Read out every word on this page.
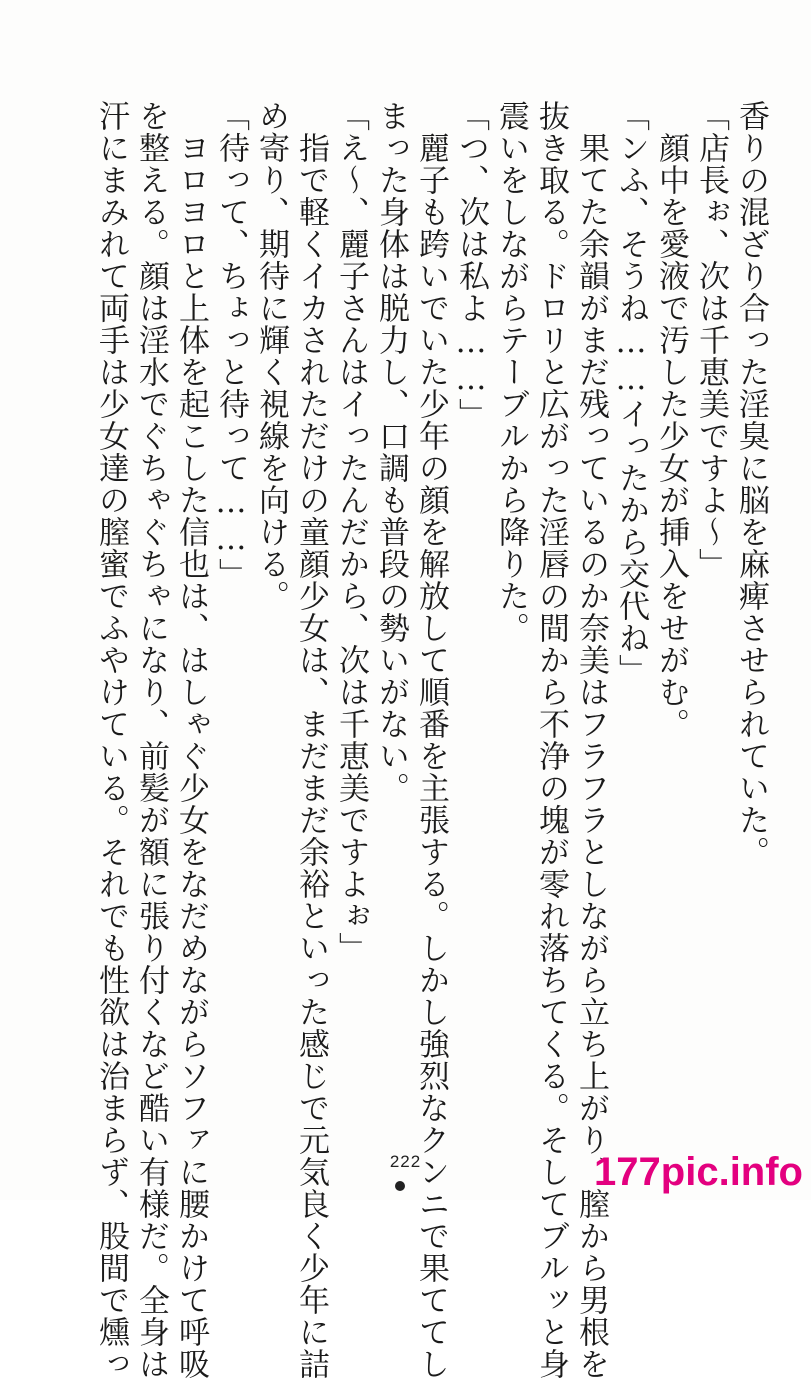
香りの混ざり合った淫臭に脳を麻痺させられていた。
「店長ぉ、次は千恵美ですよ〜」
　顔中を愛液で汚した少女が挿入をせがむ。
「ンふ、そうね……イったから交代ね」
　果てた余韻がまだ残っているのか奈美はフラフラとしながら立ち上がり、膣から男根を
抜き取る。ドロリと広がった淫唇の間から不浄の塊が零れ落ちてくる。そしてブルッと身
震いをしながらテーブルから降りた。
「つ、次は私よ……」
　麗子も跨いでいた少年の顔を解放して順番を主張する。しかし強烈なクンニで果ててし
まった身体は脱力し、口調も普段の勢いがない。
「え〜、麗子さんはイったんだから、次は千恵美ですよぉ」
　指で軽くイカされただけの童顔少女は、まだまだ余裕といった感じで元気良く少年に詰
め寄り、期待に輝く視線を向ける。
「待って、ちょっと待って……」
　ヨロヨロと上体を起こした信也は、はしゃぐ少女をなだめながらソファに腰かけて呼吸
を整える。顔は淫水でぐちゃぐちゃになり、前髪が額に張り付くなど酷い有様だ。全身は
汗にまみれて両手は少女達の膣蜜でふやけている。それでも性欲は治まらず、股間で燻っ	222	177pic.info
